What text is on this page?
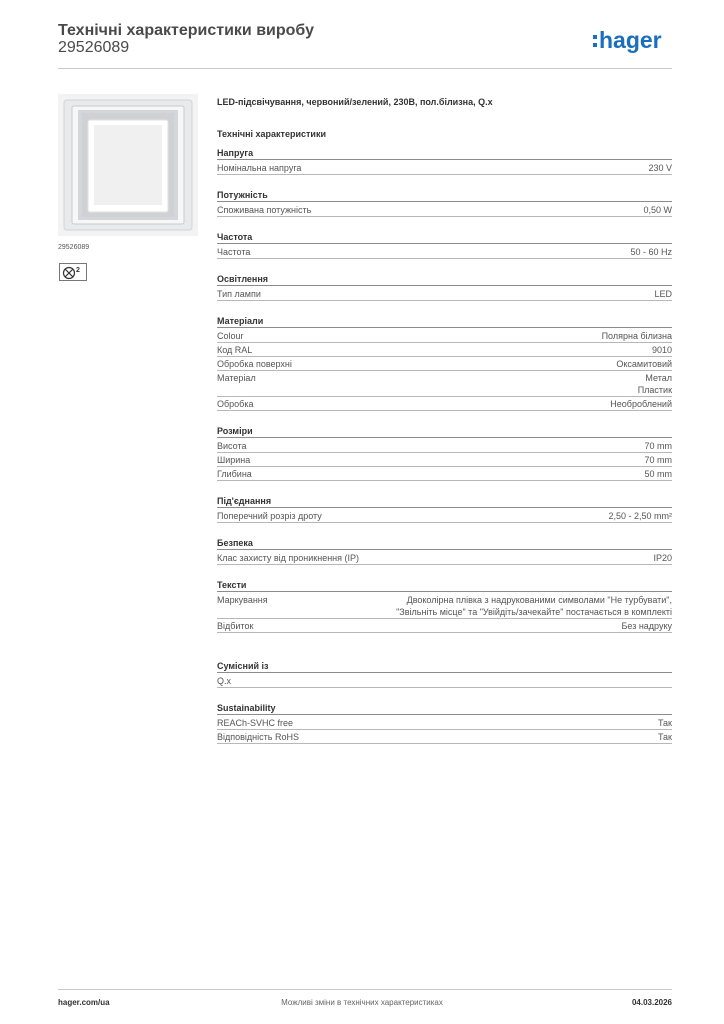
Технічні характеристики виробу
29526089	hager
29526089
2
LED-підсвічування, червоний/зелений, 230В, пол.білизна, Q.x
Технічні характеристики
Напруга
Номінальна напруга	230 V
Потужність
Споживана потужність	0,50 W
Частота
Частота	50 - 60 Hz
Освітлення
Тип лампи	LED
Матеріали
Colour	Полярна білизна
Код RAL	9010
Обробка поверхні	Оксамитовий
Матеріал	Метал
Пластик
Обробка	Необроблений
Розміри
Висота	70 mm
Ширина	70 mm
Глибина	50 mm
Під'єднання
Поперечний розріз дроту	2,50 - 2,50 mm²
Безпека
Клас захисту від проникнення (IP)	IP20
Тексти
Маркування	Двоколірна плівка з надрукованими символами "Не турбувати",
"Звільніть місце" та "Увійдіть/зачекайте" постачається в комплекті
Відбиток	Без надруку
Сумісний із
Q.x
Sustainability
REACh-SVHC free	Так
Відповідність RoHS	Так
hager.com/ua	Можливі зміни в технічних характеристиках	04.03.2026
